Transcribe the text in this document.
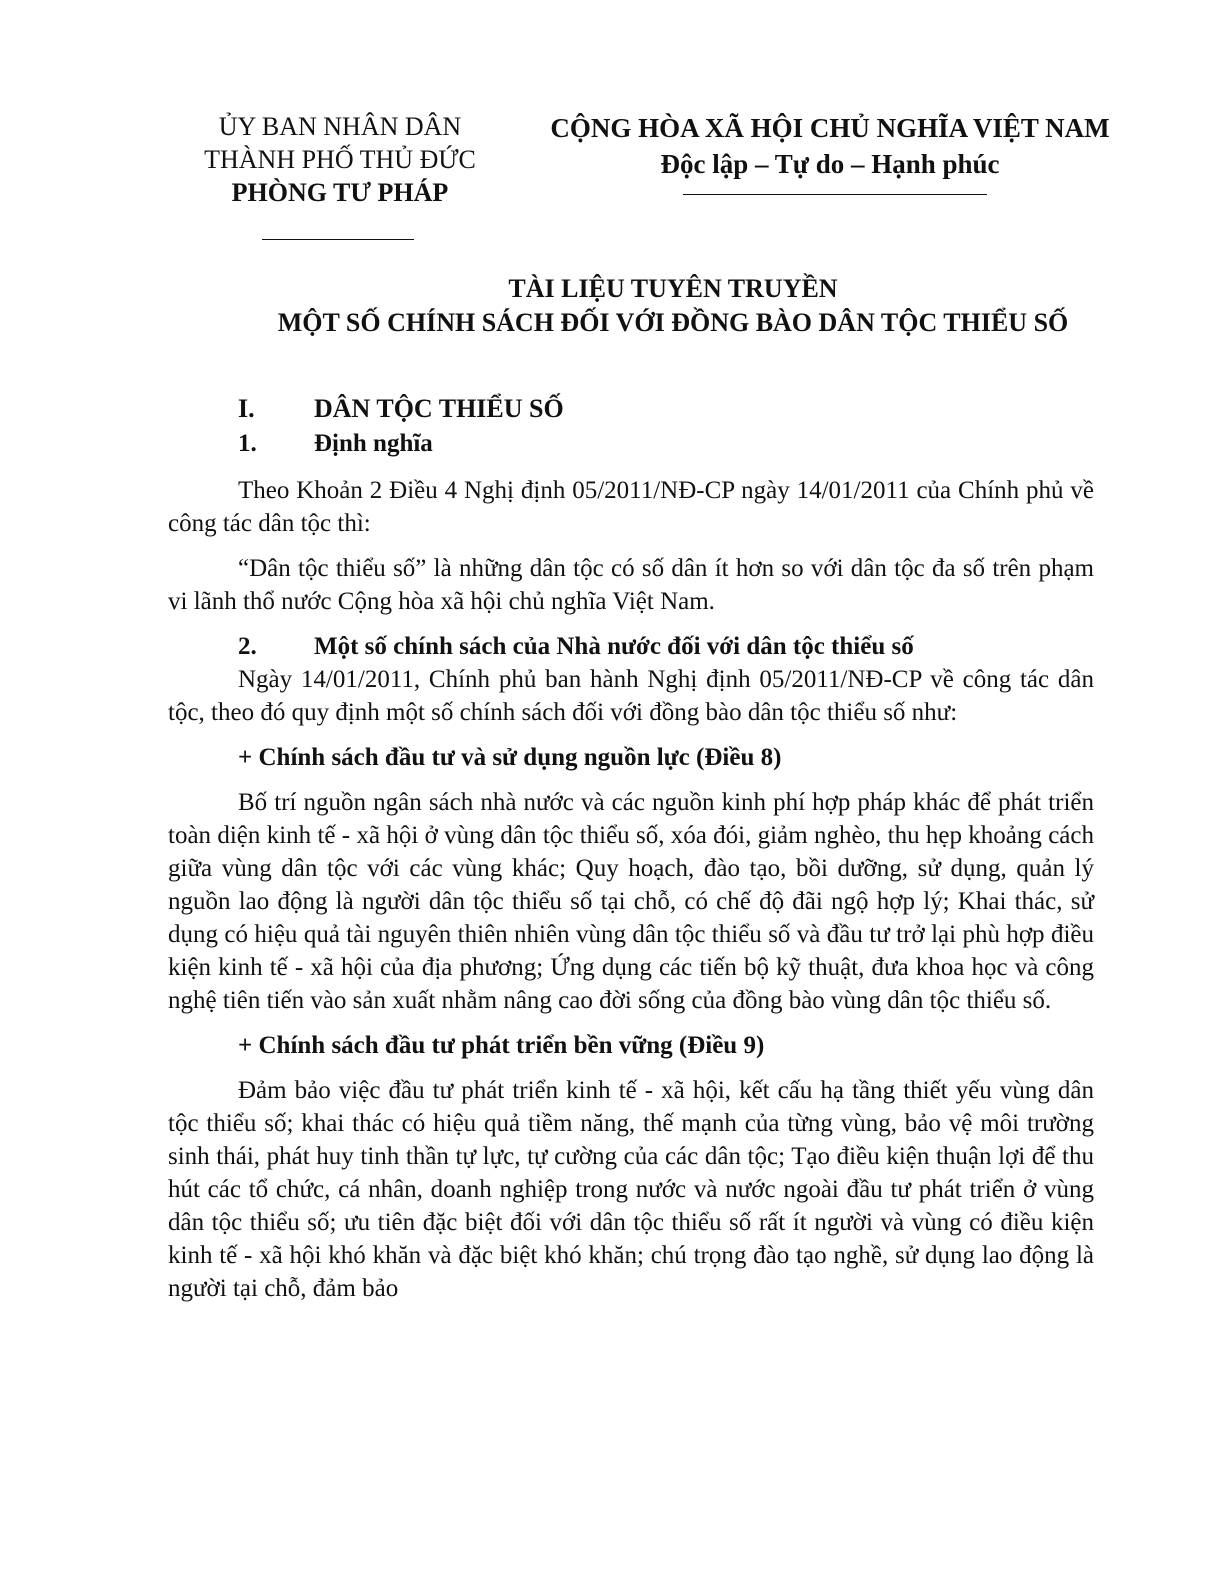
ỦY BAN NHÂN DÂN
THÀNH PHỐ THỦ ĐỨC
PHÒNG TƯ PHÁP
CỘNG HÒA XÃ HỘI CHỦ NGHĨA VIỆT NAM
Độc lập – Tự do – Hạnh phúc
TÀI LIỆU TUYÊN TRUYỀN
MỘT SỐ CHÍNH SÁCH ĐỐI VỚI ĐỒNG BÀO DÂN TỘC THIỂU SỐ
I.	DÂN TỘC THIỂU SỐ
1.	Định nghĩa

Theo Khoản 2 Điều 4 Nghị định 05/2011/NĐ-CP ngày 14/01/2011 của Chính phủ về công tác dân tộc thì:

“Dân tộc thiểu số” là những dân tộc có số dân ít hơn so với dân tộc đa số trên phạm vi lãnh thổ nước Cộng hòa xã hội chủ nghĩa Việt Nam.

2.	Một số chính sách của Nhà nước đối với dân tộc thiểu số

Ngày 14/01/2011, Chính phủ ban hành Nghị định 05/2011/NĐ-CP về công tác dân tộc, theo đó quy định một số chính sách đối với đồng bào dân tộc thiểu số như:

+ Chính sách đầu tư và sử dụng nguồn lực (Điều 8)

Bố trí nguồn ngân sách nhà nước và các nguồn kinh phí hợp pháp khác để phát triển toàn diện kinh tế - xã hội ở vùng dân tộc thiểu số, xóa đói, giảm nghèo, thu hẹp khoảng cách giữa vùng dân tộc với các vùng khác; Quy hoạch, đào tạo, bồi dưỡng, sử dụng, quản lý nguồn lao động là người dân tộc thiểu số tại chỗ, có chế độ đãi ngộ hợp lý; Khai thác, sử dụng có hiệu quả tài nguyên thiên nhiên vùng dân tộc thiểu số và đầu tư trở lại phù hợp điều kiện kinh tế - xã hội của địa phương; Ứng dụng các tiến bộ kỹ thuật, đưa khoa học và công nghệ tiên tiến vào sản xuất nhằm nâng cao đời sống của đồng bào vùng dân tộc thiểu số.

+ Chính sách đầu tư phát triển bền vững (Điều 9)

Đảm bảo việc đầu tư phát triển kinh tế - xã hội, kết cấu hạ tầng thiết yếu vùng dân tộc thiểu số; khai thác có hiệu quả tiềm năng, thế mạnh của từng vùng, bảo vệ môi trường sinh thái, phát huy tinh thần tự lực, tự cường của các dân tộc; Tạo điều kiện thuận lợi để thu hút các tổ chức, cá nhân, doanh nghiệp trong nước và nước ngoài đầu tư phát triển ở vùng dân tộc thiểu số; ưu tiên đặc biệt đối với dân tộc thiểu số rất ít người và vùng có điều kiện kinh tế - xã hội khó khăn và đặc biệt khó khăn; chú trọng đào tạo nghề, sử dụng lao động là người tại chỗ, đảm bảo
